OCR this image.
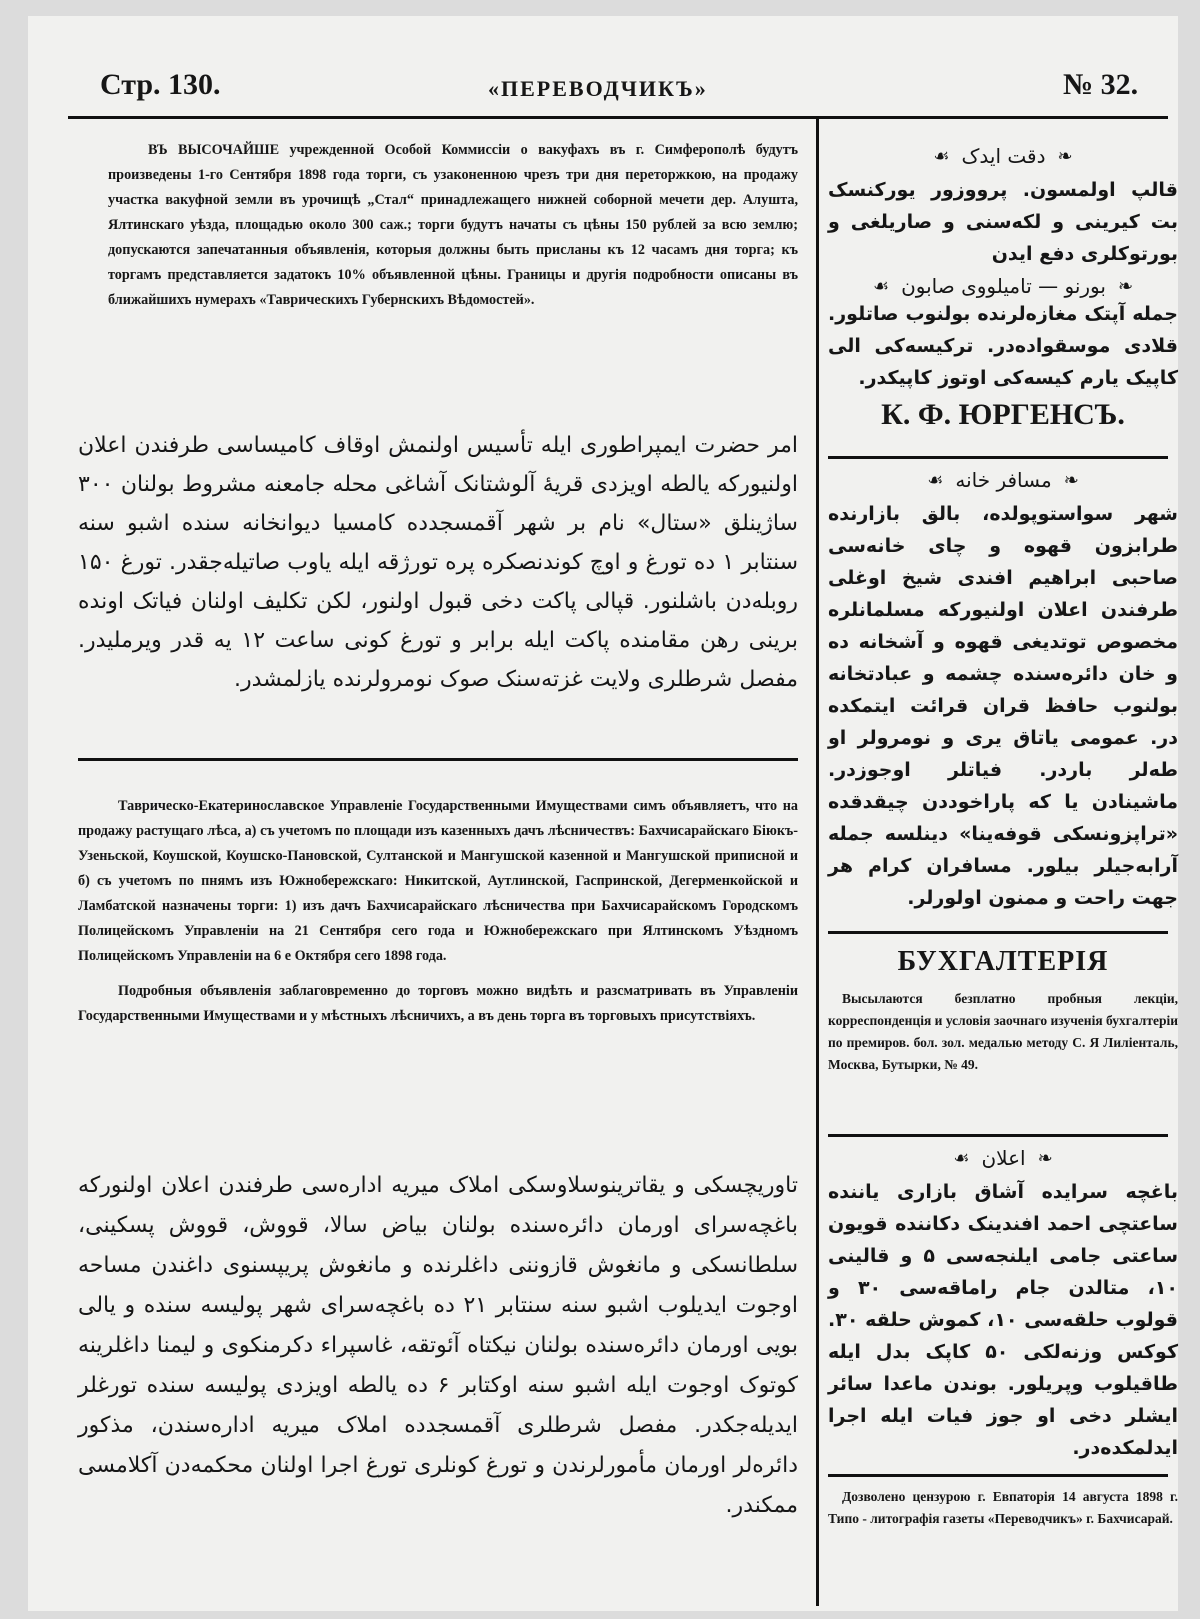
Стр. 130.	«ПЕРЕВОДЧИКЪ»	№ 32.

ВЪ ВЫСОЧАЙШЕ учрежденной Особой Коммиссіи о вакуфахъ въ г. Симферополѣ будутъ произведены 1-го Сентября 1898 года торги, съ узаконенною чрезъ три дня переторжкою, на продажу участка вакуфной земли въ урочищѣ „Стал“ принадлежащего нижней соборной мечети дер. Алушта, Ялтинскаго уѣзда, площадью около 300 саж.; торги будутъ начаты съ цѣны 150 рублей за всю землю; допускаются запечатанныя объявленія, которыя должны быть присланы къ 12 часамъ дня торга; къ торгамъ представляется задатокъ 10% объявленной цѣны. Границы и другія подробности описаны въ ближайшихъ нумерахъ «Таврическихъ Губернскихъ Вѣдомостей».

امر حضرت ایمپراطوری ایله تأسیس اولنمش اوقاف کامیساسی طرفندن اعلان اولنیورکه یالطه اویزدی قریهٔ آلوشتانک آشاغی محله جامعنه مشروط بولنان ۳۰۰ ساژینلق «ستال» نام بر شهر آقمسجدده کامسیا دیوانخانه سنده اشبو سنه سنتابر ۱ ده تورغ و اوچ کوندنصکره پره تورژقه ایله یاوب صاتیله‌جقدر. تورغ ۱۵۰ روبله‌دن باشلنور. قپالی پاکت دخی قبول اولنور، لکن تکلیف اولنان فیاتک اونده برینی رهن مقامنده پاکت ایله برابر و تورغ کونی ساعت ۱۲ یه قدر ویرملیدر. مفصل شرطلری ولایت غزته‌سنک صوک نومرولرنده یازلمشدر.

Таврическо-Екатеринославское Управленіе Государственными Имуществами симъ объявляетъ, что на продажу растущаго лѣса, а) съ учетомъ по площади изъ казенныхъ дачъ лѣсничествъ: Бахчисарайскаго Біюкъ-Узеньской, Коушской, Коушско-Пановской, Султанской и Мангушской казенной и Мангушской приписной и б) съ учетомъ по пнямъ изъ Южнобережскаго: Никитской, Аутлинской, Гаспринской, Дегерменкойской и Ламбатской назначены торги: 1) изъ дачъ Бахчисарайскаго лѣсничества при Бахчисарайскомъ Городскомъ Полицейскомъ Управленіи на 21 Сентября сего года и Южнобережскаго при Ялтинскомъ Уѣздномъ Полицейскомъ Управленіи на 6 е Октября сего 1898 года.

Подробныя объявленія заблаговременно до торговъ можно видѣть и разсматривать въ Управленіи Государственными Имуществами и у мѣстныхъ лѣсничихъ, а въ день торга въ торговыхъ присутствіяхъ.

تاوریچسکی و یقاترینوسلاوسکی املاک میریه اداره‌سی طرفندن اعلان اولنورکه باغچه‌سرای اورمان دائره‌سنده بولنان بیاض سالا، قووش، قووش پسکینی، سلطانسکی و مانغوش قازوننی داغلرنده و مانغوش پریپسنوی داغندن مساحه اوجوت ایدیلوب اشبو سنه سنتابر ۲۱ ده باغچه‌سرای شهر پولیسه سنده و یالی بویی اورمان دائره‌سنده بولنان نیکتاه آئوتقه، غاسپراء دکرمنکوی و لیمنا داغلرینه کوتوک اوجوت ایله اشبو سنه اوکتابر ۶ ده یالطه اویزدی پولیسه سنده تورغلر ایدیله‌جکدر. مفصل شرطلری آقمسجدده املاک میریه اداره‌سندن، مذکور دائره‌لر اورمان مأمورلرندن و تورغ کونلری تورغ اجرا اولنان محکمه‌دن آکلامسی ممکندر.

❧
دقت ایدک
☙

قالپ اولمسون. پرووزور یورکنسک بت کیرینی و لکه‌سنی و صاریلغی و بورتوکلری دفع ایدن

❧
بورنو — تامیلووی صابون
☙

جمله آپتک مغازه‌لرنده بولنوب صاتلور. قلادی موسقواده‌در. ترکیسه‌کی الی کاپیک یارم کیسه‌کی اوتوز کاپیکدر.

К. Ф. ЮРГЕНСЪ.
❧
مسافر خانه
☙

شهر سواستوپولده، بالق بازارنده طرابزون قهوه و چای خانه‌سی صاحبی ابراهیم افندی شیخ اوغلی طرفندن اعلان اولنیورکه مسلمانلره مخصوص توتدیغی قهوه و آشخانه ده و خان دائره‌سنده چشمه و عبادتخانه بولنوب حافظ قران قرائت ایتمکده در. عمومی یاتاق یری و نومرولر او طه‌لر باردر. فیاتلر اوجوزدر. ماشینادن یا که پاراخوددن چیقدقده «تراپزونسکی قوفه‌ینا» دینلسه جمله آرابه‌جیلر بیلور. مسافران کرام هر جهت راحت و ممنون اولورلر.

БУХГАЛТЕРІЯ

Высылаются безплатно пробныя лекціи, корреспонденція и условія заочнаго изученія бухгалтеріи по премиров. бол. зол. медалью методу С. Я Лилiенталь, Москва, Бутырки, № 49.

❧
اعلان
☙

باغچه سرایده آشاق بازاری یانندە ساعتچی احمد افندینک دکاننده قویون ساعتی جامی ایلنجه‌سی ۵ و قالینی ۱۰، متالدن جام راماقه‌سی ۳۰ و قولوب حلقه‌سی ۱۰، کموش حلقه ۳۰. کوکس وزنه‌لکی ۵۰ کاپک بدل ایله طاقیلوب وپریلور. بوندن ماعدا سائر ایشلر دخی او جوز فیات ایله اجرا ایدلمکده‌در.

Дозволено цензурою г. Евпаторія 14 августа 1898 г. Типо - литографія газеты «Переводчикъ» г. Бахчисарай.
